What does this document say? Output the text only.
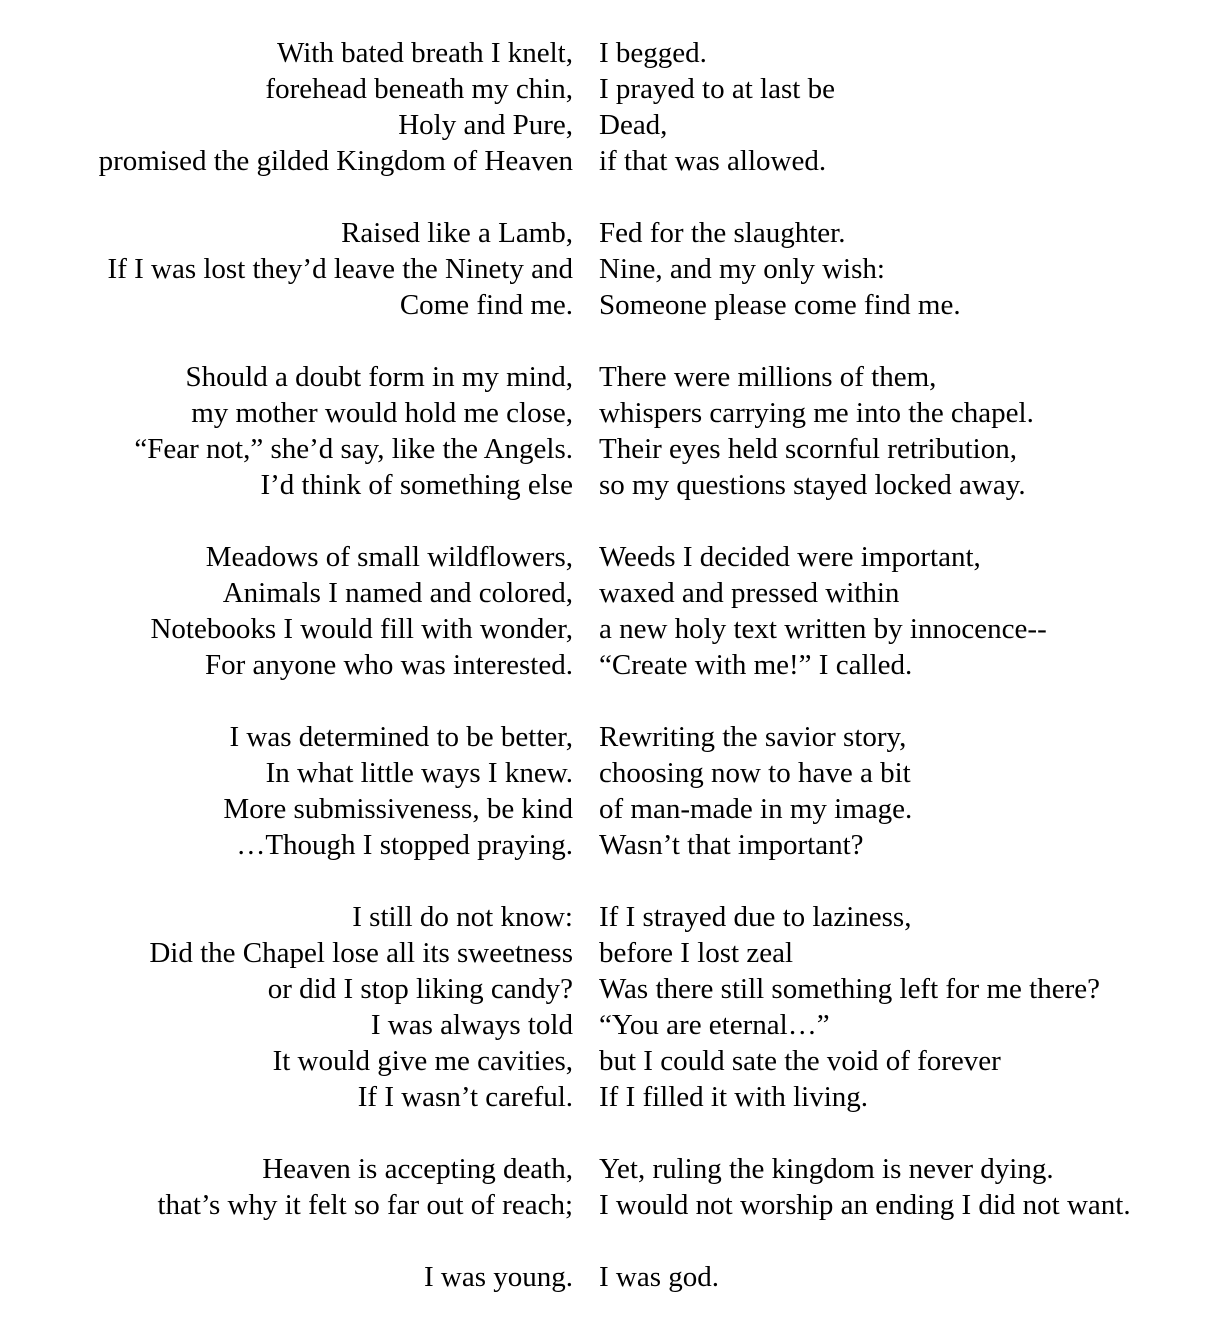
With bated breath I knelt, I begged.
forehead beneath my chin, I prayed to at last be
Holy and Pure, Dead,
promised the gilded Kingdom of Heaven if that was allowed.
Raised like a Lamb, Fed for the slaughter.
If I was lost they’d leave the Ninety and Nine, and my only wish:
Come find me. Someone please come find me.
Should a doubt form in my mind, There were millions of them,
my mother would hold me close, whispers carrying me into the chapel.
“Fear not,” she’d say, like the Angels. Their eyes held scornful retribution,
I’d think of something else so my questions stayed locked away.
Meadows of small wildflowers, Weeds I decided were important,
Animals I named and colored, waxed and pressed within
Notebooks I would fill with wonder, a new holy text written by innocence--
For anyone who was interested. “Create with me!” I called.
I was determined to be better, Rewriting the savior story,
In what little ways I knew. choosing now to have a bit
More submissiveness, be kind of man-made in my image.
…Though I stopped praying. Wasn’t that important?
I still do not know: If I strayed due to laziness,
Did the Chapel lose all its sweetness before I lost zeal
or did I stop liking candy? Was there still something left for me there?
I was always told “You are eternal…”
It would give me cavities, but I could sate the void of forever
If I wasn’t careful. If I filled it with living.
Heaven is accepting death, Yet, ruling the kingdom is never dying.
that’s why it felt so far out of reach; I would not worship an ending I did not want.
I was young. I was god.
